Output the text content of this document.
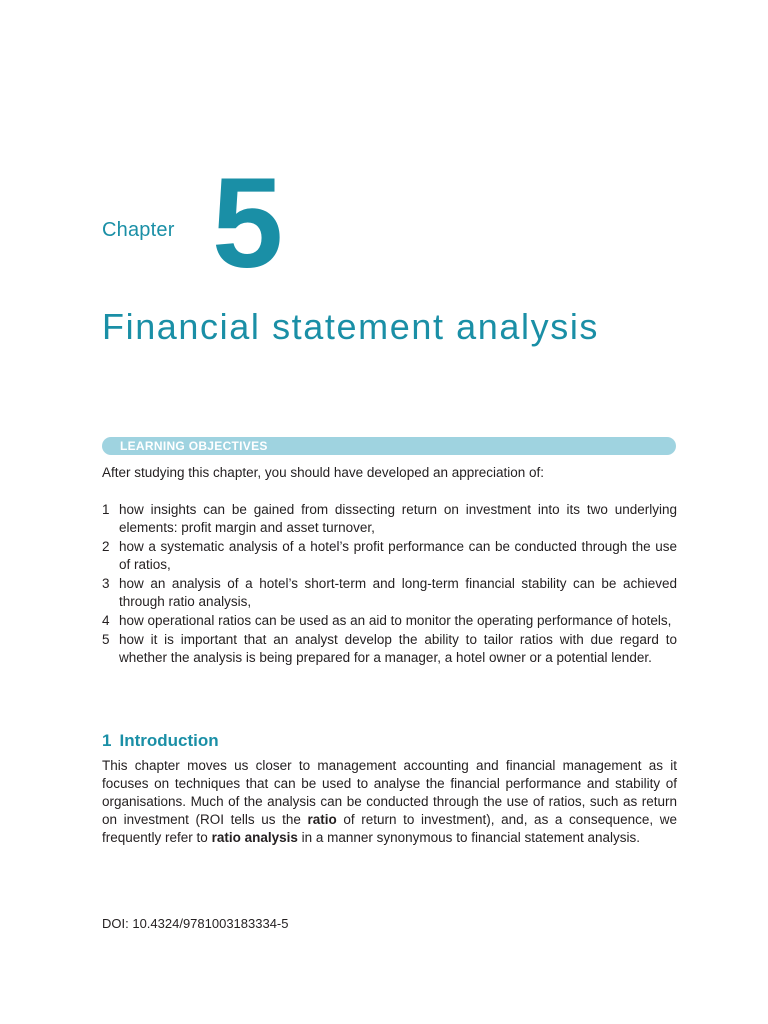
Chapter 5
Financial statement analysis
LEARNING OBJECTIVES
After studying this chapter, you should have developed an appreciation of:
1 how insights can be gained from dissecting return on investment into its two underlying elements: profit margin and asset turnover,
2 how a systematic analysis of a hotel’s profit performance can be conducted through the use of ratios,
3 how an analysis of a hotel’s short-term and long-term financial stability can be achieved through ratio analysis,
4 how operational ratios can be used as an aid to monitor the operating performance of hotels,
5 how it is important that an analyst develop the ability to tailor ratios with due regard to whether the analysis is being prepared for a manager, a hotel owner or a potential lender.
1 Introduction

This chapter moves us closer to management accounting and financial management as it focuses on techniques that can be used to analyse the financial performance and stability of organisations. Much of the analysis can be conducted through the use of ratios, such as return on investment (ROI tells us the ratio of return to investment), and, as a consequence, we frequently refer to ratio analysis in a manner synonymous to financial statement analysis.

DOI: 10.4324/9781003183334-5
